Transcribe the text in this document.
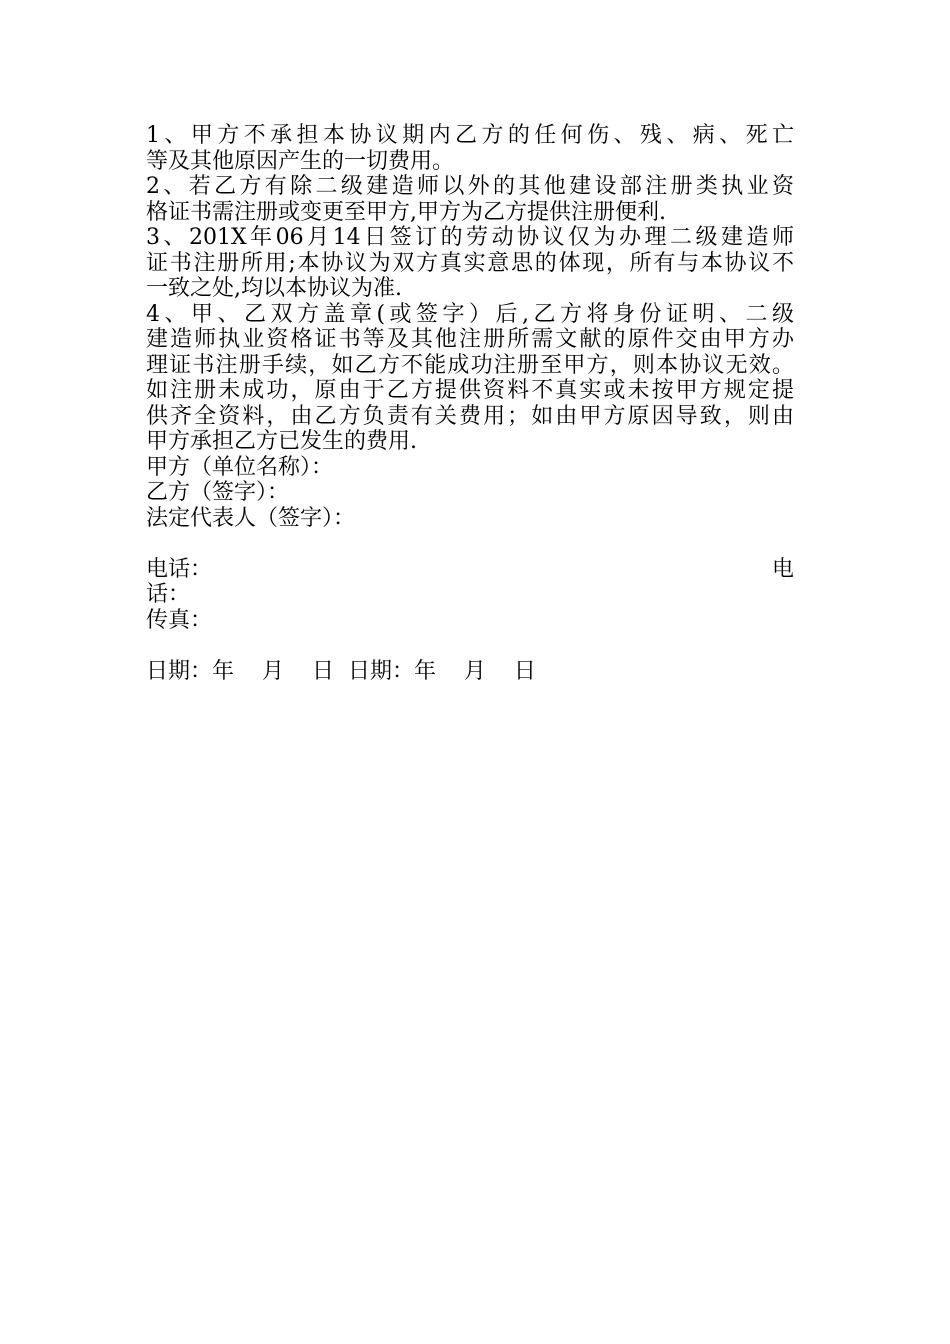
1、甲方不承担本协议期内乙方的任何伤、残、病、死亡
等及其他原因产生的一切费用。
2、若乙方有除二级建造师以外的其他建设部注册类执业资
格证书需注册或变更至甲方,甲方为乙方提供注册便利.
3、201X年06月14日签订的劳动协议仅为办理二级建造师
证书注册所用;本协议为双方真实意思的体现，所有与本协议不
一致之处,均以本协议为准.
4、甲、乙双方盖章(或签字）后,乙方将身份证明、二级
建造师执业资格证书等及其他注册所需文献的原件交由甲方办
理证书注册手续，如乙方不能成功注册至甲方，则本协议无效。
如注册未成功，原由于乙方提供资料不真实或未按甲方规定提
供齐全资料，由乙方负责有关费用；如由甲方原因导致，则由
甲方承担乙方已发生的费用.
甲方（单位名称）：
乙方（签字）：
法定代表人（签字）：
电话：	电
话：
传真：
日期：年    月    日 日期：年    月    日
